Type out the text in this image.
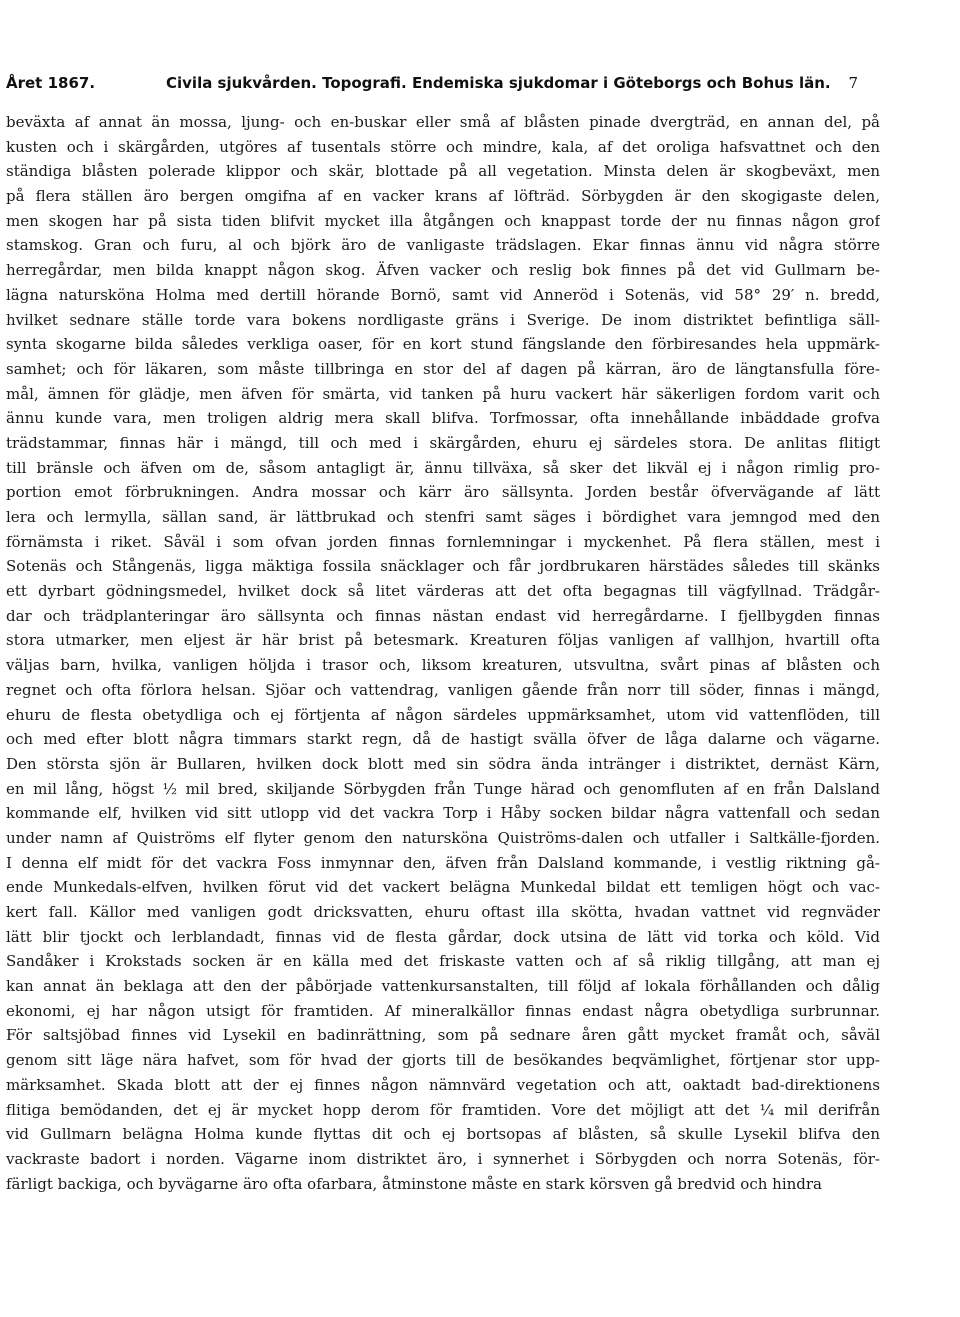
Året 1867.	Civila sjukvården. Topografi. Endemiska sjukdomar i Göteborgs och Bohus län. 7
beväxta af annat än mossa, ljung- och en-buskar eller små af blåsten pinade dvergträd, en annan del, på
kusten och i skärgården, utgöres af tusentals större och mindre, kala, af det oroliga hafsvattnet och den
ständiga blåsten polerade klippor och skär, blottade på all vegetation. Minsta delen är skogbeväxt, men
på flera ställen äro bergen omgifna af en vacker krans af löfträd. Sörbygden är den skogigaste delen,
men skogen har på sista tiden blifvit mycket illa åtgången och knappast torde der nu finnas någon grof
stamskog. Gran och furu, al och björk äro de vanligaste trädslagen. Ekar finnas ännu vid några större
herregårdar, men bilda knappt någon skog. Äfven vacker och reslig bok finnes på det vid Gullmarn be-
lägna natursköna Holma med dertill hörande Bornö, samt vid Anneröd i Sotenäs, vid 58° 29′ n. bredd,
hvilket sednare ställe torde vara bokens nordligaste gräns i Sverige. De inom distriktet befintliga säll-
synta skogarne bilda således verkliga oaser, för en kort stund fängslande den förbiresandes hela uppmärk-
samhet; och för läkaren, som måste tillbringa en stor del af dagen på kärran, äro de längtansfulla före-
mål, ämnen för glädje, men äfven för smärta, vid tanken på huru vackert här säkerligen fordom varit och
ännu kunde vara, men troligen aldrig mera skall blifva. Torfmossar, ofta innehållande inbäddade grofva
trädstammar, finnas här i mängd, till och med i skärgården, ehuru ej särdeles stora. De anlitas flitigt
till bränsle och äfven om de, såsom antagligt är, ännu tillväxa, så sker det likväl ej i någon rimlig pro-
portion emot förbrukningen. Andra mossar och kärr äro sällsynta. Jorden består öfvervägande af lätt
lera och lermylla, sällan sand, är lättbrukad och stenfri samt säges i bördighet vara jemngod med den
förnämsta i riket. Såväl i som ofvan jorden finnas fornlemningar i myckenhet. På flera ställen, mest i
Sotenäs och Stångenäs, ligga mäktiga fossila snäcklager och får jordbrukaren härstädes således till skänks
ett dyrbart gödningsmedel, hvilket dock så litet värderas att det ofta begagnas till vägfyllnad. Trädgår-
dar och trädplanteringar äro sällsynta och finnas nästan endast vid herregårdarne. I fjellbygden finnas
stora utmarker, men eljest är här brist på betesmark. Kreaturen följas vanligen af vallhjon, hvartill ofta
väljas barn, hvilka, vanligen höljda i trasor och, liksom kreaturen, utsvultna, svårt pinas af blåsten och
regnet och ofta förlora helsan. Sjöar och vattendrag, vanligen gående från norr till söder, finnas i mängd,
ehuru de flesta obetydliga och ej förtjenta af någon särdeles uppmärksamhet, utom vid vattenflöden, till
och med efter blott några timmars starkt regn, då de hastigt svälla öfver de låga dalarne och vägarne.
Den största sjön är Bullaren, hvilken dock blott med sin södra ända intränger i distriktet, dernäst Kärn,
en mil lång, högst ½ mil bred, skiljande Sörbygden från Tunge härad och genomfluten af en från Dalsland
kommande elf, hvilken vid sitt utlopp vid det vackra Torp i Håby socken bildar några vattenfall och sedan
under namn af Quiströms elf flyter genom den natursköna Quiströms-dalen och utfaller i Saltkälle-fjorden.
I denna elf midt för det vackra Foss inmynnar den, äfven från Dalsland kommande, i vestlig riktning gå-
ende Munkedals-elfven, hvilken förut vid det vackert belägna Munkedal bildat ett temligen högt och vac-
kert fall. Källor med vanligen godt dricksvatten, ehuru oftast illa skötta, hvadan vattnet vid regnväder
lätt blir tjockt och lerblandadt, finnas vid de flesta gårdar, dock utsina de lätt vid torka och köld. Vid
Sandåker i Krokstads socken är en källa med det friskaste vatten och af så riklig tillgång, att man ej
kan annat än beklaga att den der påbörjade vattenkursanstalten, till följd af lokala förhållanden och dålig
ekonomi, ej har någon utsigt för framtiden. Af mineralkällor finnas endast några obetydliga surbrunnar.
För saltsjöbad finnes vid Lysekil en badinrättning, som på sednare åren gått mycket framåt och, såväl
genom sitt läge nära hafvet, som för hvad der gjorts till de besökandes beqvämlighet, förtjenar stor upp-
märksamhet. Skada blott att der ej finnes någon nämnvärd vegetation och att, oaktadt bad-direktionens
flitiga bemödanden, det ej är mycket hopp derom för framtiden. Vore det möjligt att det ¼ mil derifrån
vid Gullmarn belägna Holma kunde flyttas dit och ej bortsopas af blåsten, så skulle Lysekil blifva den
vackraste badort i norden. Vägarne inom distriktet äro, i synnerhet i Sörbygden och norra Sotenäs, för-
färligt backiga, och byvägarne äro ofta ofarbara, åtminstone måste en stark körsven gå bredvid och hindra
